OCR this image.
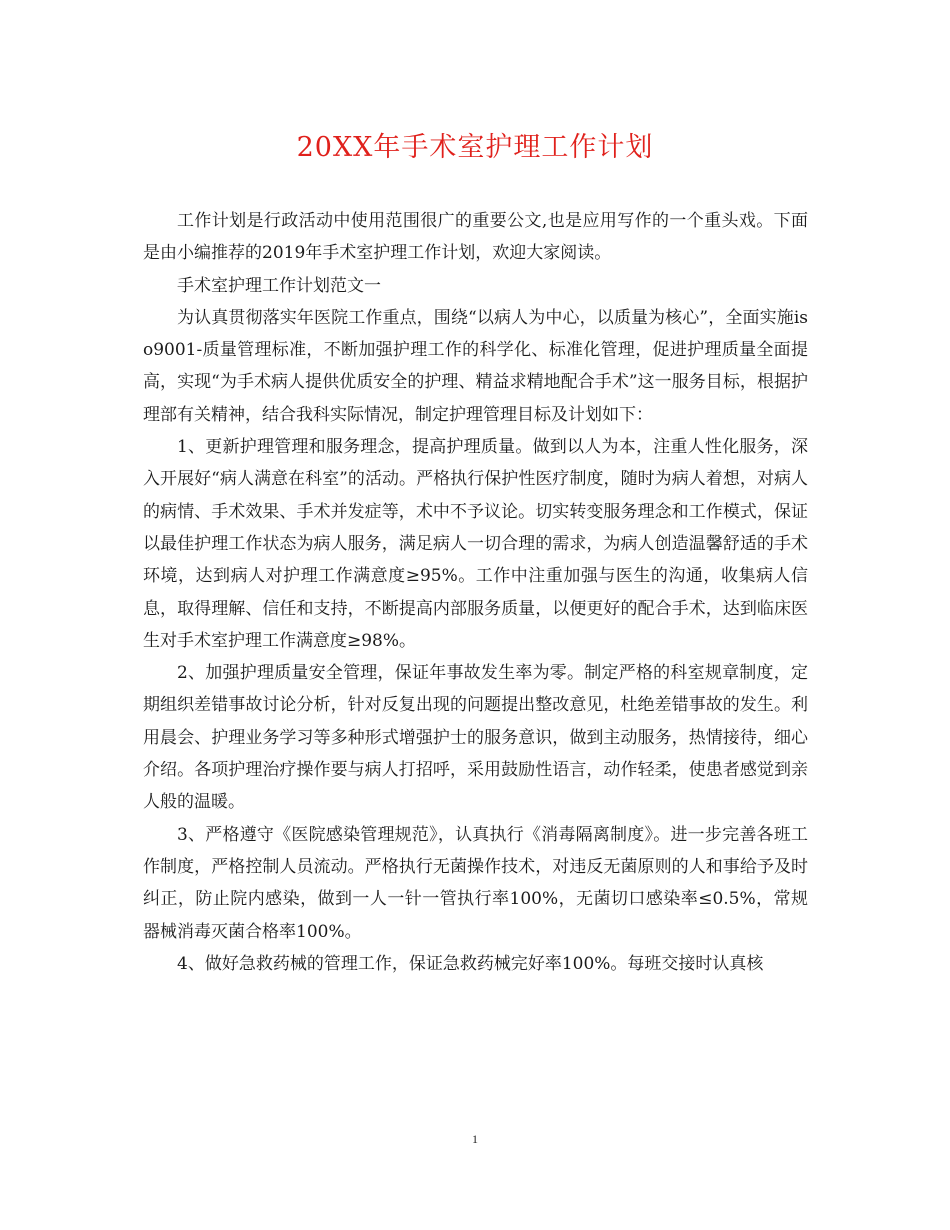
20XX年手术室护理工作计划

工作计划是行政活动中使用范围很广的重要公文,也是应用写作的一个重头戏。下面是由小编推荐的2019年手术室护理工作计划，欢迎大家阅读。

手术室护理工作计划范文一

为认真贯彻落实年医院工作重点，围绕“以病人为中心，以质量为核心”，全面实施iso9001-质量管理标准，不断加强护理工作的科学化、标准化管理，促进护理质量全面提高，实现“为手术病人提供优质安全的护理、精益求精地配合手术”这一服务目标，根据护理部有关精神，结合我科实际情况，制定护理管理目标及计划如下：

1、更新护理管理和服务理念，提高护理质量。做到以人为本，注重人性化服务，深入开展好“病人满意在科室”的活动。严格执行保护性医疗制度，随时为病人着想，对病人的病情、手术效果、手术并发症等，术中不予议论。切实转变服务理念和工作模式，保证以最佳护理工作状态为病人服务，满足病人一切合理的需求，为病人创造温馨舒适的手术环境，达到病人对护理工作满意度≥95%。工作中注重加强与医生的沟通，收集病人信息，取得理解、信任和支持，不断提高内部服务质量，以便更好的配合手术，达到临床医生对手术室护理工作满意度≥98%。

2、加强护理质量安全管理，保证年事故发生率为零。制定严格的科室规章制度，定期组织差错事故讨论分析，针对反复出现的问题提出整改意见，杜绝差错事故的发生。利用晨会、护理业务学习等多种形式增强护士的服务意识，做到主动服务，热情接待，细心介绍。各项护理治疗操作要与病人打招呼，采用鼓励性语言，动作轻柔，使患者感觉到亲人般的温暖。

3、严格遵守《医院感染管理规范》，认真执行《消毒隔离制度》。进一步完善各班工作制度，严格控制人员流动。严格执行无菌操作技术，对违反无菌原则的人和事给予及时纠正，防止院内感染，做到一人一针一管执行率100%，无菌切口感染率≤0.5%，常规器械消毒灭菌合格率100%。

4、做好急救药械的管理工作，保证急救药械完好率100%。每班交接时认真核

1
